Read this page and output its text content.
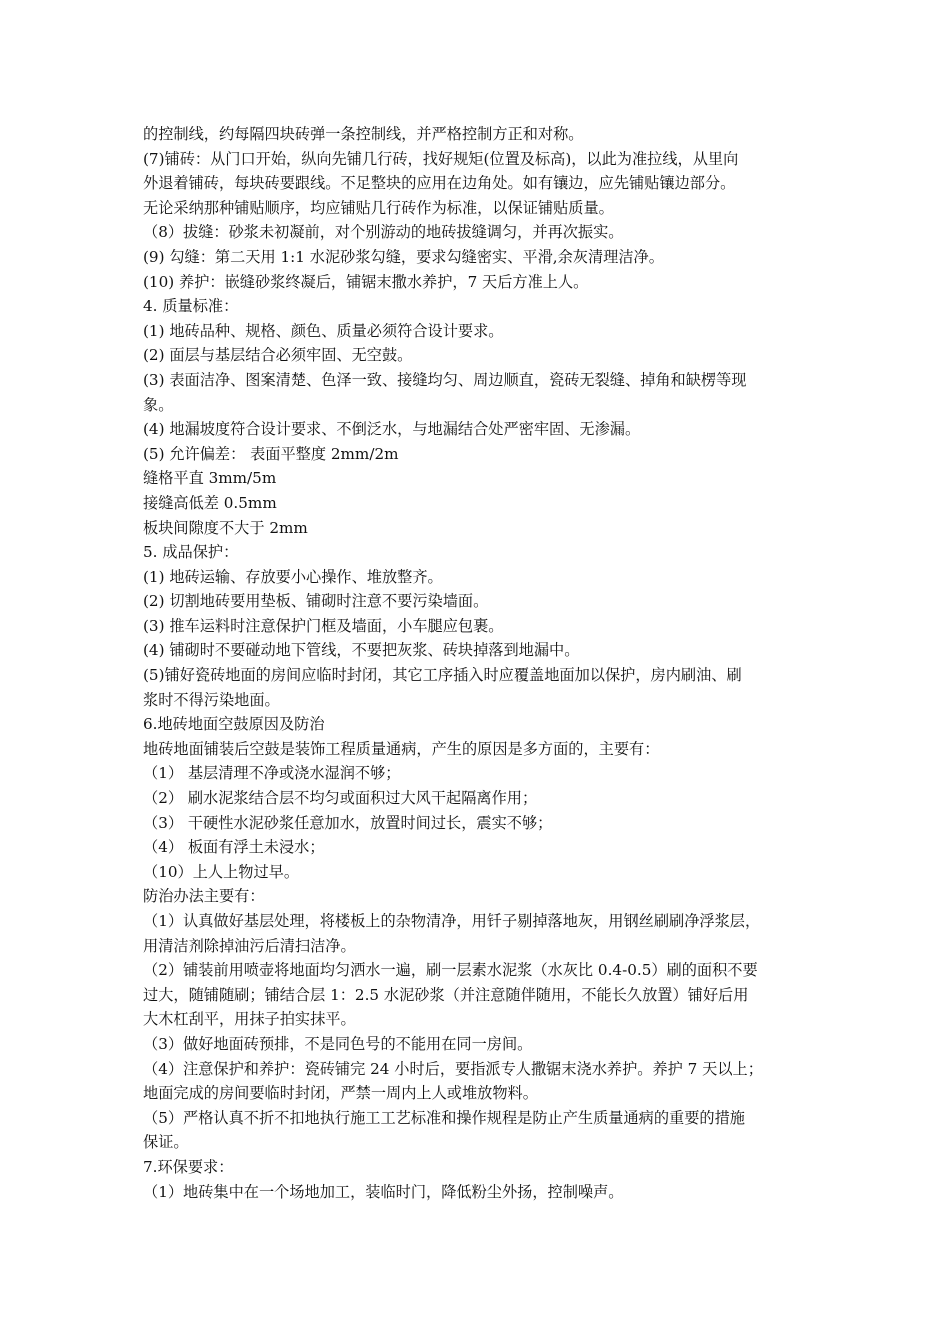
的控制线，约每隔四块砖弹一条控制线，并严格控制方正和对称。
(7)铺砖：从门口开始，纵向先铺几行砖，找好规矩(位置及标高)，以此为准拉线，从里向
外退着铺砖，每块砖要跟线。不足整块的应用在边角处。如有镶边，应先铺贴镶边部分。
无论采纳那种铺贴顺序，均应铺贴几行砖作为标准，以保证铺贴质量。
（8）拔缝：砂浆未初凝前，对个别游动的地砖拔缝调匀，并再次振实。
(9) 勾缝：第二天用 1:1 水泥砂浆勾缝，要求勾缝密实、平滑,余灰清理洁净。
(10) 养护：嵌缝砂浆终凝后，铺锯末撒水养护，7 天后方准上人。
4. 质量标准：
(1) 地砖品种、规格、颜色、质量必须符合设计要求。
(2) 面层与基层结合必须牢固、无空鼓。
(3) 表面洁净、图案清楚、色泽一致、接缝均匀、周边顺直，瓷砖无裂缝、掉角和缺楞等现
象。
(4) 地漏坡度符合设计要求、不倒泛水，与地漏结合处严密牢固、无渗漏。
(5) 允许偏差： 表面平整度 2mm/2m
缝格平直 3mm/5m
接缝高低差 0.5mm
板块间隙度不大于 2mm
5. 成品保护：
(1) 地砖运输、存放要小心操作、堆放整齐。
(2) 切割地砖要用垫板、铺砌时注意不要污染墙面。
(3) 推车运料时注意保护门框及墙面，小车腿应包裹。
(4) 铺砌时不要碰动地下管线，不要把灰浆、砖块掉落到地漏中。
(5)铺好瓷砖地面的房间应临时封闭，其它工序插入时应覆盖地面加以保护，房内刷油、刷
浆时不得污染地面。
6.地砖地面空鼓原因及防治
地砖地面铺装后空鼓是装饰工程质量通病，产生的原因是多方面的，主要有：
（1） 基层清理不净或浇水湿润不够；
（2） 刷水泥浆结合层不均匀或面积过大风干起隔离作用；
（3） 干硬性水泥砂浆任意加水，放置时间过长，震实不够；
（4） 板面有浮土未浸水；
（10）上人上物过早。
防治办法主要有：
（1）认真做好基层处理，将楼板上的杂物清净，用钎子剔掉落地灰，用钢丝刷刷净浮浆层，
用清洁剂除掉油污后清扫洁净。
（2）铺装前用喷壶将地面均匀洒水一遍，刷一层素水泥浆（水灰比 0.4-0.5）刷的面积不要
过大，随铺随刷；铺结合层 1：2.5 水泥砂浆（并注意随伴随用，不能长久放置）铺好后用
大木杠刮平，用抹子拍实抹平。
（3）做好地面砖预排，不是同色号的不能用在同一房间。
（4）注意保护和养护：瓷砖铺完 24 小时后，要指派专人撒锯末浇水养护。养护 7 天以上；
地面完成的房间要临时封闭，严禁一周内上人或堆放物料。
（5）严格认真不折不扣地执行施工工艺标准和操作规程是防止产生质量通病的重要的措施
保证。
7.环保要求：
（1）地砖集中在一个场地加工，装临时门，降低粉尘外扬，控制噪声。
